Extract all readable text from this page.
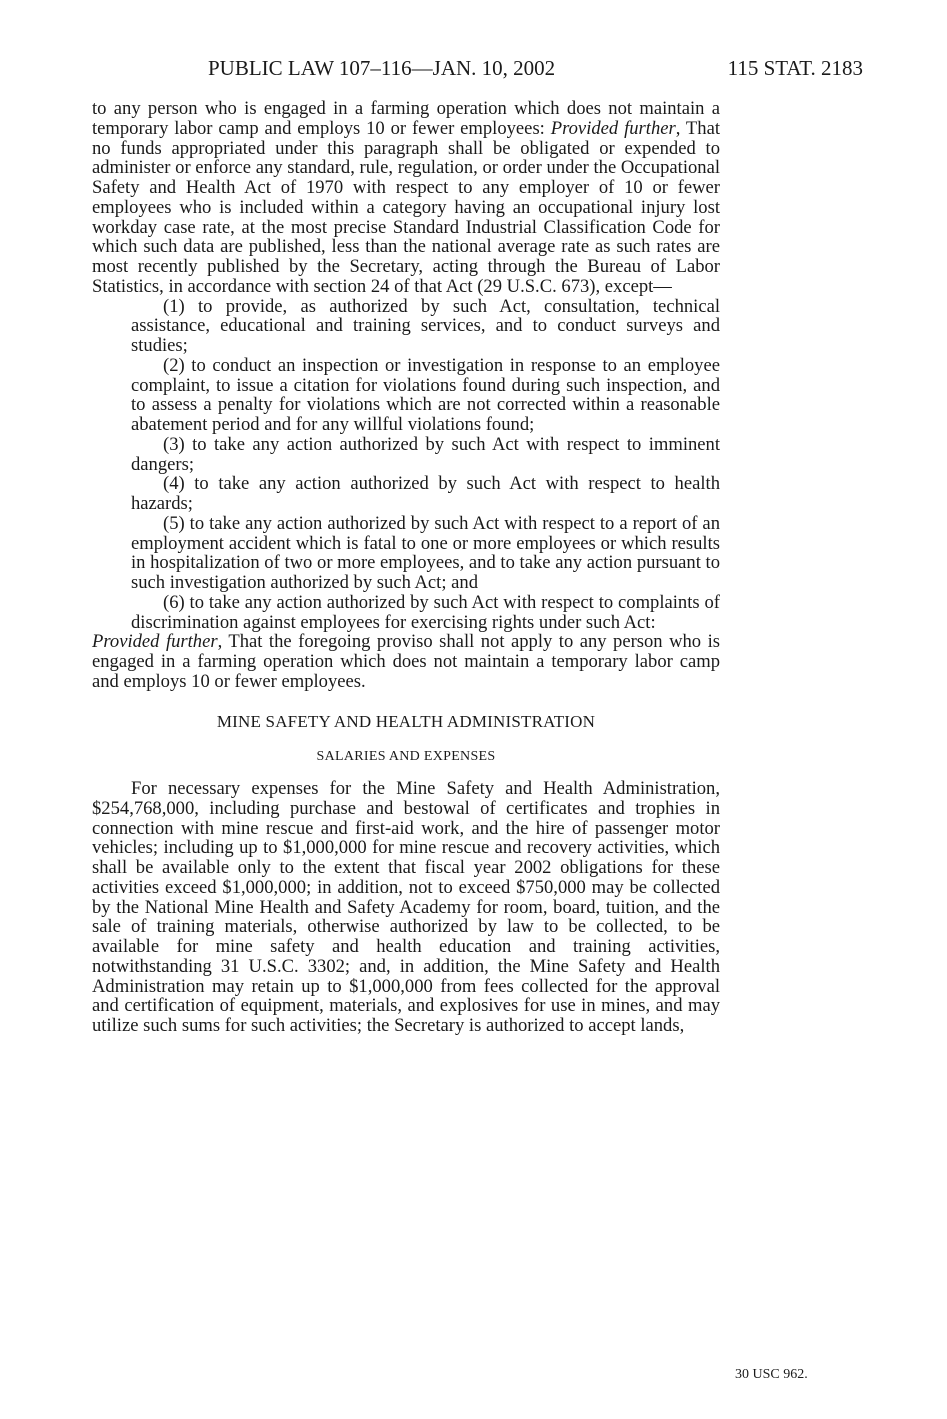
PUBLIC LAW 107–116—JAN. 10, 2002	115 STAT. 2183

to any person who is engaged in a farming operation which does not maintain a temporary labor camp and employs 10 or fewer employees: Provided further, That no funds appropriated under this paragraph shall be obligated or expended to administer or enforce any standard, rule, regulation, or order under the Occupational Safety and Health Act of 1970 with respect to any employer of 10 or fewer employees who is included within a category having an occupational injury lost workday case rate, at the most precise Standard Industrial Classification Code for which such data are published, less than the national average rate as such rates are most recently published by the Secretary, acting through the Bureau of Labor Statistics, in accordance with section 24 of that Act (29 U.S.C. 673), except—

(1) to provide, as authorized by such Act, consultation, technical assistance, educational and training services, and to conduct surveys and studies;

(2) to conduct an inspection or investigation in response to an employee complaint, to issue a citation for violations found during such inspection, and to assess a penalty for violations which are not corrected within a reasonable abatement period and for any willful violations found;

(3) to take any action authorized by such Act with respect to imminent dangers;

(4) to take any action authorized by such Act with respect to health hazards;

(5) to take any action authorized by such Act with respect to a report of an employment accident which is fatal to one or more employees or which results in hospitalization of two or more employees, and to take any action pursuant to such investigation authorized by such Act; and

(6) to take any action authorized by such Act with respect to complaints of discrimination against employees for exercising rights under such Act:

Provided further, That the foregoing proviso shall not apply to any person who is engaged in a farming operation which does not maintain a temporary labor camp and employs 10 or fewer employees.

MINE SAFETY AND HEALTH ADMINISTRATION

SALARIES AND EXPENSES

For necessary expenses for the Mine Safety and Health Administration, $254,768,000, including purchase and bestowal of certificates and trophies in connection with mine rescue and first-aid work, and the hire of passenger motor vehicles; including up to $1,000,000 for mine rescue and recovery activities, which shall be available only to the extent that fiscal year 2002 obligations for these activities exceed $1,000,000; in addition, not to exceed $750,000 may be collected by the National Mine Health and Safety Academy for room, board, tuition, and the sale of training materials, otherwise authorized by law to be collected, to be available for mine safety and health education and training activities, notwithstanding 31 U.S.C. 3302; and, in addition, the Mine Safety and Health Administration may retain up to $1,000,000 from fees collected for the approval and certification of equipment, materials, and explosives for use in mines, and may utilize such sums for such activities; the Secretary is authorized to accept lands,

30 USC 962.
